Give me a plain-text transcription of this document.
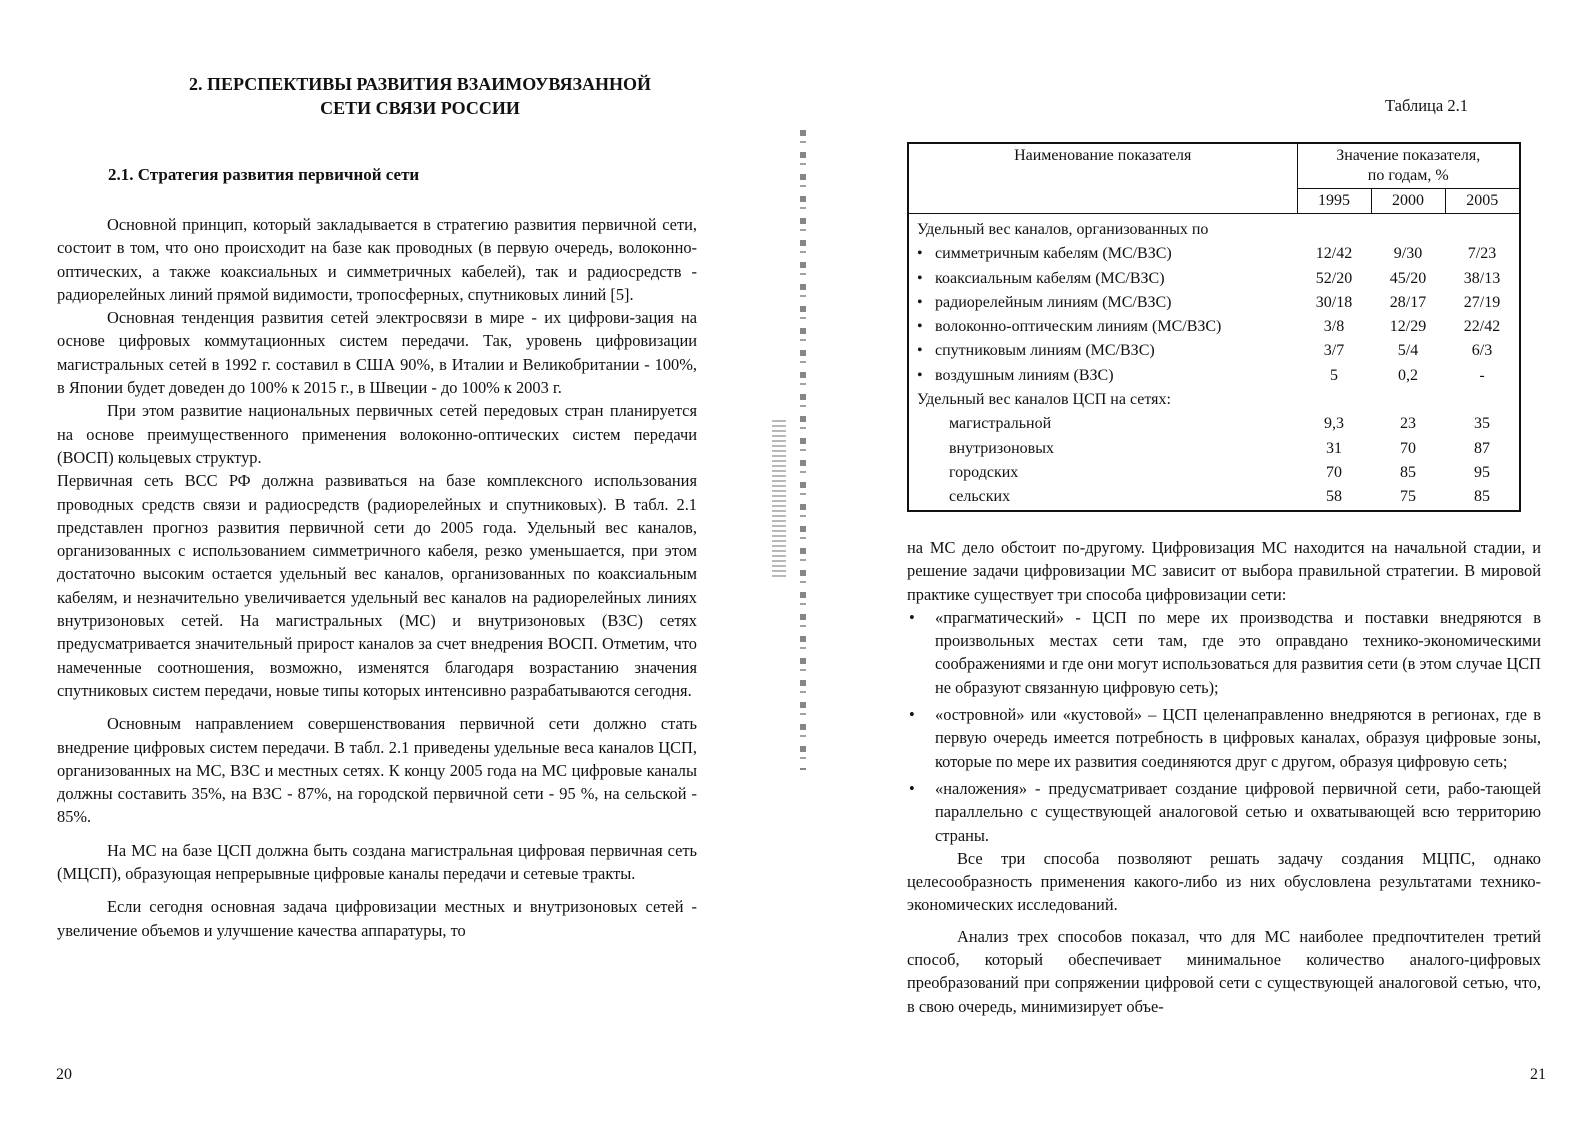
2. ПЕРСПЕКТИВЫ РАЗВИТИЯ ВЗАИМОУВЯЗАННОЙ
СЕТИ СВЯЗИ РОССИИ
2.1. Стратегия развития первичной сети

Основной принцип, который закладывается в стратегию развития первичной сети, состоит в том, что оно происходит на базе как проводных (в первую очередь, волоконно-оптических, а также коаксиальных и симметричных кабелей), так и радиосредств - радиорелейных линий прямой видимости, тропосферных, спутниковых линий [5].

Основная тенденция развития сетей электросвязи в мире - их цифрови-зация на основе цифровых коммутационных систем передачи. Так, уровень цифровизации магистральных сетей в 1992 г. составил в США 90%, в Италии и Великобритании - 100%, в Японии будет доведен до 100% к 2015 г., в Швеции - до 100% к 2003 г.

При этом развитие национальных первичных сетей передовых стран планируется на основе преимущественного применения волоконно-оптических систем передачи (ВОСП) кольцевых структур.

Первичная сеть ВСС РФ должна развиваться на базе комплексного использования проводных средств связи и радиосредств (радиорелейных и спутниковых). В табл. 2.1 представлен прогноз развития первичной сети до 2005 года. Удельный вес каналов, организованных с использованием симметричного кабеля, резко уменьшается, при этом достаточно высоким остается удельный вес каналов, организованных по коаксиальным кабелям, и незначительно увеличивается удельный вес каналов на радиорелейных линиях внутризоновых сетей. На магистральных (МС) и внутризоновых (ВЗС) сетях предусматривается значительный прирост каналов за счет внедрения ВОСП. Отметим, что намеченные соотношения, возможно, изменятся благодаря возрастанию значения спутниковых систем передачи, новые типы которых интенсивно разрабатываются сегодня.

Основным направлением совершенствования первичной сети должно стать внедрение цифровых систем передачи. В табл. 2.1 приведены удельные веса каналов ЦСП, организованных на МС, ВЗС и местных сетях. К концу 2005 года на МС цифровые каналы должны составить 35%, на ВЗС - 87%, на городской первичной сети - 95 %, на сельской - 85%.

На МС на базе ЦСП должна быть создана магистральная цифровая первичная сеть (МЦСП), образующая непрерывные цифровые каналы передачи и сетевые тракты.

Если сегодня основная задача цифровизации местных и внутризоновых сетей - увеличение объемов и улучшение качества аппаратуры, то

20
Таблица 2.1
Наименование показателя	Значение показателя,
по годам, %		

	1995	2000	2005
Удельный вес каналов, организованных по			
• симметричным кабелям (МС/ВЗС)	12/42	9/30	7/23
• коаксиальным кабелям (МС/ВЗС)	52/20	45/20	38/13
• радиорелейным линиям (МС/ВЗС)	30/18	28/17	27/19
• волоконно-оптическим линиям (МС/ВЗС)	3/8	12/29	22/42
• спутниковым линиям (МС/ВЗС)	3/7	5/4	6/3
• воздушным линиям (ВЗС)	5	0,2	-
Удельный вес каналов ЦСП на сетях:			
магистральной	9,3	23	35
внутризоновых	31	70	87
городских	70	85	95
сельских	58	75	85

на МС дело обстоит по-другому. Цифровизация МС находится на начальной стадии, и решение задачи цифровизации МС зависит от выбора правильной стратегии. В мировой практике существует три способа цифровизации сети:

• «прагматический» - ЦСП по мере их производства и поставки внедряются в произвольных местах сети там, где это оправдано технико-экономическими соображениями и где они могут использоваться для развития сети (в этом случае ЦСП не образуют связанную цифровую сеть);
• «островной» или «кустовой» – ЦСП целенаправленно внедряются в регионах, где в первую очередь имеется потребность в цифровых каналах, образуя цифровые зоны, которые по мере их развития соединяются друг с другом, образуя цифровую сеть;
• «наложения» - предусматривает создание цифровой первичной сети, рабо-тающей параллельно с существующей аналоговой сетью и охватывающей всю территорию страны.

Все три способа позволяют решать задачу создания МЦПС, однако целесообразность применения какого-либо из них обусловлена результатами технико-экономических исследований.

Анализ трех способов показал, что для МС наиболее предпочтителен третий способ, который обеспечивает минимальное количество аналого-цифровых преобразований при сопряжении цифровой сети с существующей аналоговой сетью, что, в свою очередь, минимизирует объе-

21
